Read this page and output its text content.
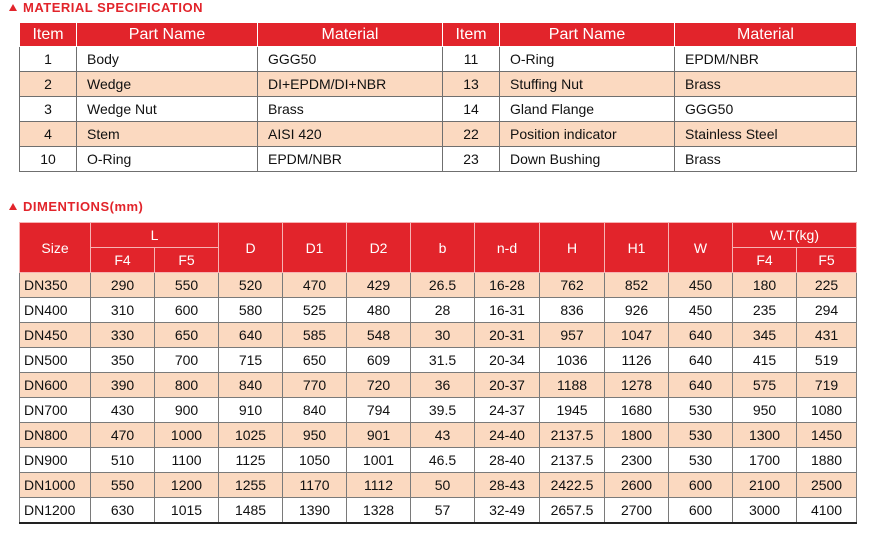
MATERIAL SPECIFICATION
Item	Part Name	Material	Item	Part Name	Material
1	Body	GGG50	11	O-Ring	EPDM/NBR
2	Wedge	DI+EPDM/DI+NBR	13	Stuffing Nut	Brass
3	Wedge Nut	Brass	14	Gland Flange	GGG50
4	Stem	AISI 420	22	Position indicator	Stainless Steel
10	O-Ring	EPDM/NBR	23	Down Bushing	Brass
DIMENTIONS(mm)
Size	L		D	D1	D2	b	n-d	H	H1	W	W.T(kg)	
	F4	F5									F4	F5
DN350	290	550	520	470	429	26.5	16-28	762	852	450	180	225
DN400	310	600	580	525	480	28	16-31	836	926	450	235	294
DN450	330	650	640	585	548	30	20-31	957	1047	640	345	431
DN500	350	700	715	650	609	31.5	20-34	1036	1126	640	415	519
DN600	390	800	840	770	720	36	20-37	1188	1278	640	575	719
DN700	430	900	910	840	794	39.5	24-37	1945	1680	530	950	1080
DN800	470	1000	1025	950	901	43	24-40	2137.5	1800	530	1300	1450
DN900	510	1100	1125	1050	1001	46.5	28-40	2137.5	2300	530	1700	1880
DN1000	550	1200	1255	1170	1112	50	28-43	2422.5	2600	600	2100	2500
DN1200	630	1015	1485	1390	1328	57	32-49	2657.5	2700	600	3000	4100
